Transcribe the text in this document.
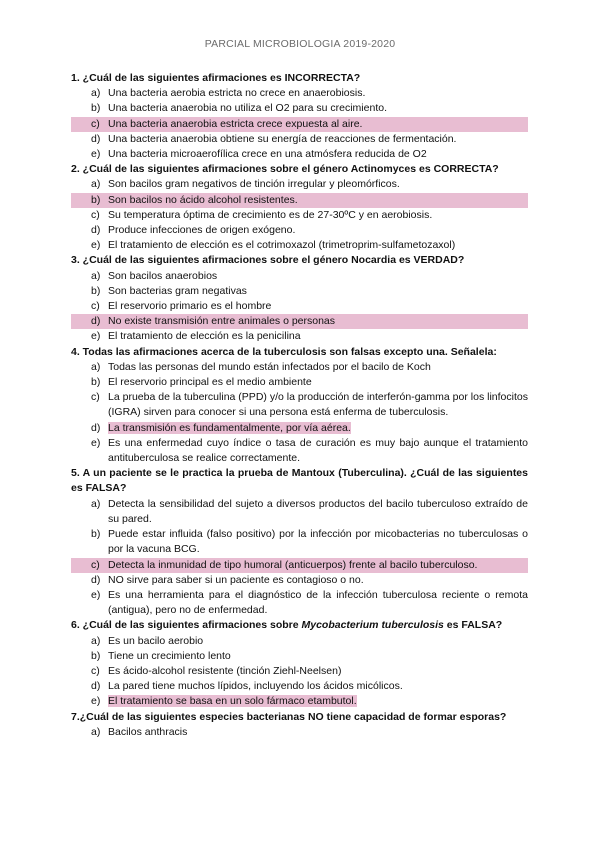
PARCIAL MICROBIOLOGIA 2019-2020
1. ¿Cuál de las siguientes afirmaciones es INCORRECTA?
a) Una bacteria aerobia estricta no crece en anaerobiosis.
b) Una bacteria anaerobia no utiliza el O2 para su crecimiento.
c) Una bacteria anaerobia estricta crece expuesta al aire.
d) Una bacteria anaerobia obtiene su energía de reacciones de fermentación.
e) Una bacteria microaerofílica crece en una atmósfera reducida de O2
2. ¿Cuál de las siguientes afirmaciones sobre el género Actinomyces es CORRECTA?
a) Son bacilos gram negativos de tinción irregular y pleomórficos.
b) Son bacilos no ácido alcohol resistentes.
c) Su temperatura óptima de crecimiento es de 27-30ºC y en aerobiosis.
d) Produce infecciones de origen exógeno.
e) El tratamiento de elección es el cotrimoxazol (trimetroprim-sulfametozaxol)
3. ¿Cuál de las siguientes afirmaciones sobre el género Nocardia es VERDAD?
a) Son bacilos anaerobios
b) Son bacterias gram negativas
c) El reservorio primario es el hombre
d) No existe transmisión entre animales o personas
e) El tratamiento de elección es la penicilina
4. Todas las afirmaciones acerca de la tuberculosis son falsas excepto una. Señalela:
a) Todas las personas del mundo están infectados por el bacilo de Koch
b) El reservorio principal es el medio ambiente
c) La prueba de la tuberculina (PPD) y/o la producción de interferón-gamma por los linfocitos (IGRA) sirven para conocer si una persona está enferma de tuberculosis.
d) La transmisión es fundamentalmente, por vía aérea.
e) Es una enfermedad cuyo índice o tasa de curación es muy bajo aunque el tratamiento antituberculosa se realice correctamente.
5. A un paciente se le practica la prueba de Mantoux (Tuberculina). ¿Cuál de las siguientes es FALSA?
a) Detecta la sensibilidad del sujeto a diversos productos del bacilo tuberculoso extraído de su pared.
b) Puede estar influida (falso positivo) por la infección por micobacterias no tuberculosas o por la vacuna BCG.
c) Detecta la inmunidad de tipo humoral (anticuerpos) frente al bacilo tuberculoso.
d) NO sirve para saber si un paciente es contagioso o no.
e) Es una herramienta para el diagnóstico de la infección tuberculosa reciente o remota (antigua), pero no de enfermedad.
6. ¿Cuál de las siguientes afirmaciones sobre Mycobacterium tuberculosis es FALSA?
a) Es un bacilo aerobio
b) Tiene un crecimiento lento
c) Es ácido-alcohol resistente (tinción Ziehl-Neelsen)
d) La pared tiene muchos lípidos, incluyendo los ácidos micólicos.
e) El tratamiento se basa en un solo fármaco etambutol.
7.¿Cuál de las siguientes especies bacterianas NO tiene capacidad de formar esporas?
a) Bacilos anthracis
